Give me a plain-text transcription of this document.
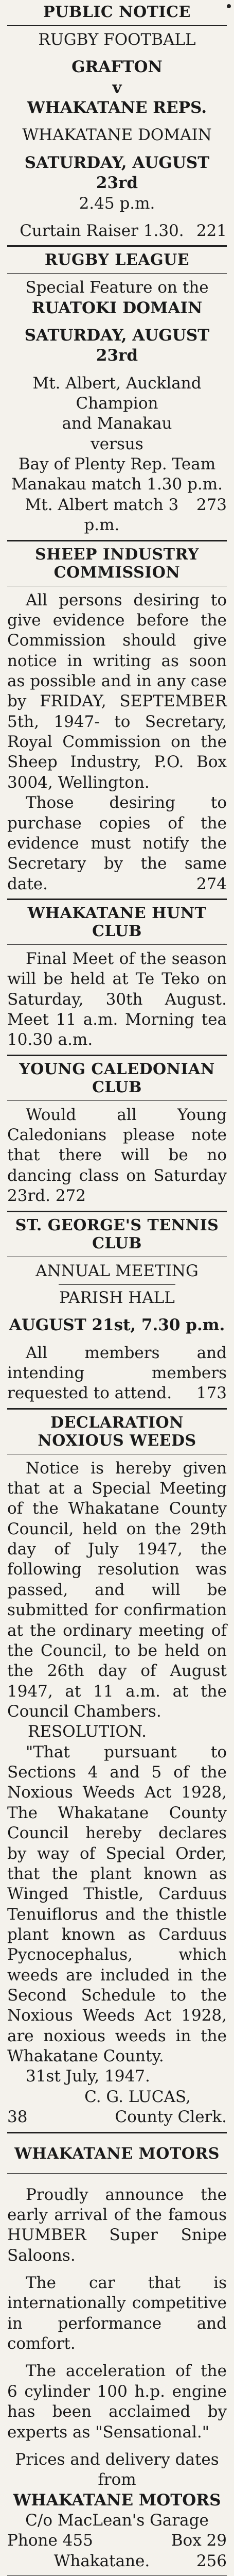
PUBLIC NOTICE
RUGBY FOOTBALL
GRAFTON
v
WHAKATANE REPS.
WHAKATANE DOMAIN
SATURDAY, AUGUST 23rd
2.45 p.m.
Curtain Raiser 1.30. 221
RUGBY LEAGUE
Special Feature on the
RUATOKI DOMAIN
SATURDAY, AUGUST 23rd
Mt. Albert, Auckland Champion
and Manakau
versus
Bay of Plenty Rep. Team
Manakau match 1.30 p.m.
Mt. Albert match 3 p.m.
273
SHEEP INDUSTRY
COMMISSION
All persons desiring to give evidence before the Commission should give notice in writing as soon as possible and in any case by FRIDAY, SEPTEMBER 5th, 1947- to Secretary, Royal Commission on the Sheep Industry, P.O. Box 3004, Wellington.
Those desiring to purchase copies of the evidence must notify the Secretary by the same date.	274
WHAKATANE HUNT CLUB
Final Meet of the season will be held at Te Teko on Saturday, 30th August. Meet 11 a.m. Morning tea 10.30 a.m.
YOUNG CALEDONIAN CLUB
Would all Young Caledonians please note that there will be no dancing class on Saturday 23rd. 272
ST. GEORGE'S TENNIS CLUB
ANNUAL MEETING
PARISH HALL
AUGUST 21st, 7.30 p.m.
All members and intending members requested to attend.	173
DECLARATION NOXIOUS WEEDS
Notice is hereby given that at a Special Meeting of the Whakatane County Council, held on the 29th day of July 1947, the following resolution was passed, and will be submitted for confirmation at the ordinary meeting of the Council, to be held on the 26th day of August 1947, at 11 a.m. at the Council Chambers.
RESOLUTION.
"That pursuant to Sections 4 and 5 of the Noxious Weeds Act 1928, The Whakatane County Council hereby declares by way of Special Order, that the plant known as Winged Thistle, Carduus Tenuiflorus and the thistle plant known as Carduus Pycnocephalus, which weeds are included in the Second Schedule to the Noxious Weeds Act 1928, are noxious weeds in the Whakatane County.
31st July, 1947.
C. G. LUCAS,
38	County Clerk.
WHAKATANE MOTORS
Proudly announce the early arrival of the famous HUMBER Super Snipe Saloons.
The car that is internationally competitive in performance and comfort.
The acceleration of the 6 cylinder 100 h.p. engine has been acclaimed by experts as "Sensational."
Prices and delivery dates from
WHAKATANE MOTORS
C/o MacLean's Garage
Phone 455	Box 29
Whakatane.	256
